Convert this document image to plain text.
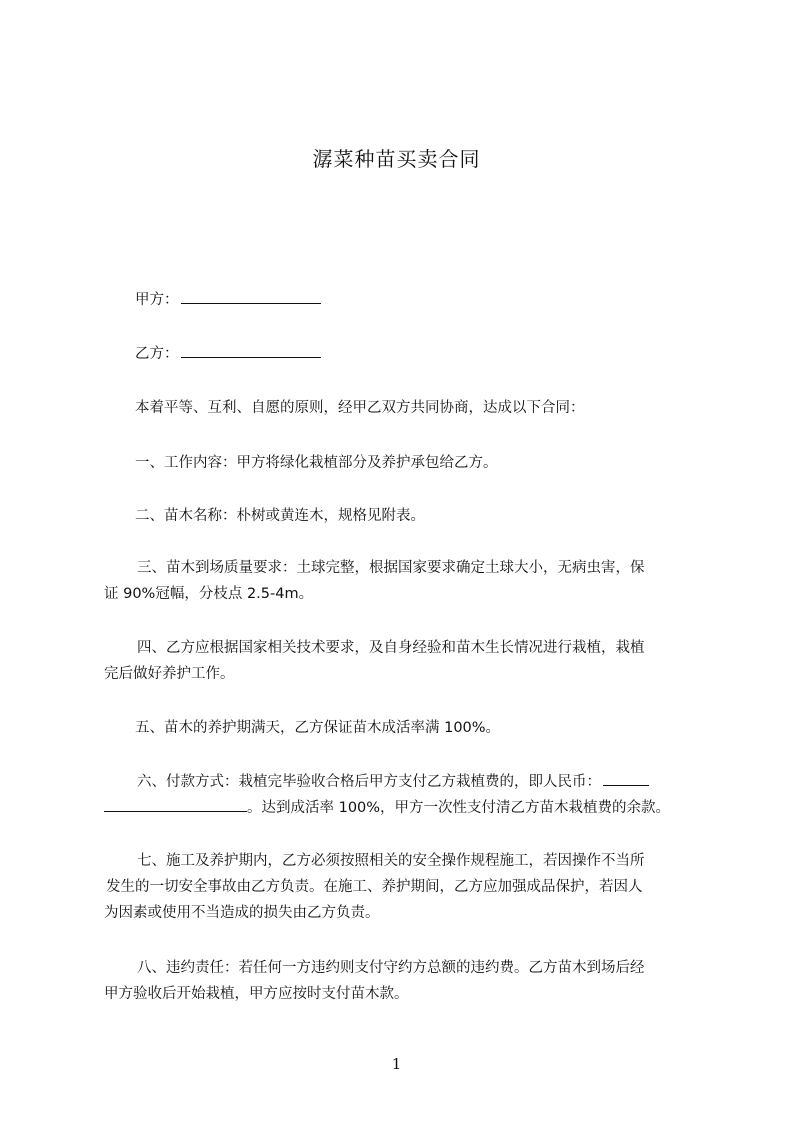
潺菜种苗买卖合同
甲方：
乙方：
本着平等、互利、自愿的原则，经甲乙双方共同协商，达成以下合同：
一、工作内容：甲方将绿化栽植部分及养护承包给乙方。
二、苗木名称：朴树或黄连木，规格见附表。
三、苗木到场质量要求：土球完整，根据国家要求确定土球大小，无病虫害，保
证 90%冠幅，分枝点 2.5-4m。
四、乙方应根据国家相关技术要求，及自身经验和苗木生长情况进行栽植，栽植
完后做好养护工作。
五、苗木的养护期满天，乙方保证苗木成活率满 100%。
六、付款方式：栽植完毕验收合格后甲方支付乙方栽植费的，即人民币：
。达到成活率 100%，甲方一次性支付清乙方苗木栽植费的余款。
七、施工及养护期内，乙方必须按照相关的安全操作规程施工，若因操作不当所
发生的一切安全事故由乙方负责。在施工、养护期间，乙方应加强成品保护，若因人
为因素或使用不当造成的损失由乙方负责。
八、违约责任：若任何一方违约则支付守约方总额的违约费。乙方苗木到场后经
甲方验收后开始栽植，甲方应按时支付苗木款。
1
